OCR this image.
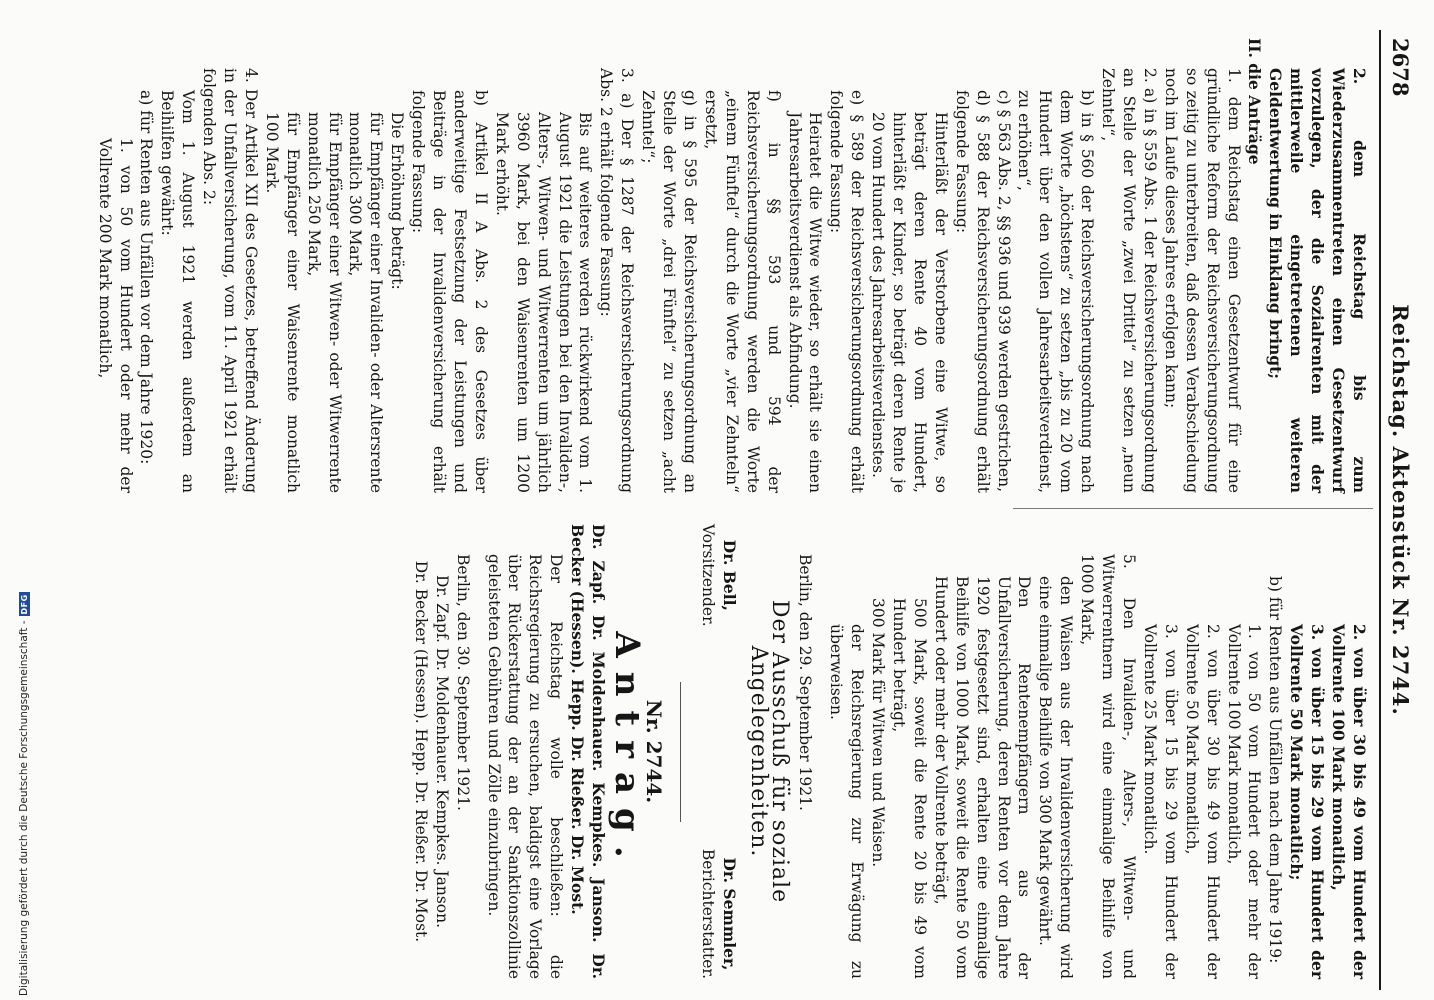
2678
Reichstag. Aktenstück Nr. 2744.

2. dem Reichstag bis zum Wiederzusammentreten einen Gesetzentwurf vorzulegen, der die Sozialrenten mit der mittlerweile eingetretenen weiteren Geldentwertung in Einklang bringt;

II. die Anträge

1. dem Reichstag einen Gesetzentwurf für eine gründliche Reform der Reichsversicherungsordnung so zeitig zu unterbreiten, daß dessen Verabschiedung noch im Laufe dieses Jahres erfolgen kann;

2. a) in § 559 Abs. 1 der Reichsversicherungsordnung an Stelle der Worte „zwei Drittel“ zu setzen „neun Zehntel“,

b) in § 560 der Reichsversicherungsordnung nach dem Worte „höchstens“ zu setzen „bis zu 20 vom Hundert über den vollen Jahresarbeitsverdienst, zu erhöhen“,

c) § 563 Abs. 2, §§ 936 und 939 werden gestrichen,

d) § 588 der Reichsversicherungsordnung erhält folgende Fassung:

Hinterläßt der Verstorbene eine Witwe, so beträgt deren Rente 40 vom Hundert, hinterläßt er Kinder, so beträgt deren Rente je 20 vom Hundert des Jahresarbeitsverdienstes.

e) § 589 der Reichsversicherungsordnung erhält folgende Fassung:

Heiratet die Witwe wieder, so erhält sie einen Jahresarbeitsverdienst als Abfindung.

f) in §§ 593 und 594 der Reichsversicherungsordnung werden die Worte „einem Fünftel“ durch die Worte „vier Zehnteln“ ersetzt,

g) in § 595 der Reichsversicherungsordnung an Stelle der Worte „drei Fünftel“ zu setzen „acht Zehntel“;

3. a) Der § 1287 der Reichsversicherungsordnung Abs. 2 erhält folgende Fassung:

Bis auf weiteres werden rückwirkend vom 1. August 1921 die Leistungen bei den Invaliden-, Alters-, Witwen- und Witwerrenten um jährlich 3960 Mark, bei den Waisenrenten um 1200 Mark erhöht.

b) Artikel II A Abs. 2 des Gesetzes über anderweitige Festsetzung der Leistungen und Beiträge in der Invalidenversicherung erhält folgende Fassung:

Die Erhöhung beträgt:

für Empfänger einer Invaliden- oder Altersrente monatlich 300 Mark,

für Empfänger einer Witwen- oder Witwerrente monatlich 250 Mark,

für Empfänger einer Waisenrente monatlich 100 Mark.

4. Der Artikel XII des Gesetzes, betreffend Änderung in der Unfallversicherung, vom 11. April 1921 erhält folgenden Abs. 2:

Vom 1. August 1921 werden außerdem an Beihilfen gewährt:

a) für Renten aus Unfällen vor dem Jahre 1920:

1. von 50 vom Hundert oder mehr der Vollrente 200 Mark monatlich,

2. von über 30 bis 49 vom Hundert der Vollrente 100 Mark monatlich,

3. von über 15 bis 29 vom Hundert der Vollrente 50 Mark monatlich;

b) für Renten aus Unfällen nach dem Jahre 1919:

1. von 50 vom Hundert oder mehr der Vollrente 100 Mark monatlich,

2. von über 30 bis 49 vom Hundert der Vollrente 50 Mark monatlich,

3. von über 15 bis 29 vom Hundert der Vollrente 25 Mark monatlich.

5. Den Invaliden-, Alters-, Witwen- und Witwerrentnern wird eine einmalige Beihilfe von 1000 Mark,

den Waisen aus der Invalidenversicherung wird eine einmalige Beihilfe von 300 Mark gewährt.

Den Rentenempfängern aus der Unfallversicherung, deren Renten vor dem Jahre 1920 festgesetzt sind, erhalten eine einmalige Beihilfe von 1000 Mark, soweit die Rente 50 vom Hundert oder mehr der Vollrente beträgt,

500 Mark, soweit die Rente 20 bis 49 vom Hundert beträgt,

300 Mark für Witwen und Waisen.

der Reichsregierung zur Erwägung zu überweisen.

Berlin, den 29. September 1921.

Der Ausschuß für soziale Angelegenheiten.
Dr. Bell,
Vorsitzender.
Dr. Semmler,
Berichterstatter.
Nr. 2744.
Antrag.

Dr. Zapf. Dr. Moldenhauer. Kempkes. Janson. Dr. Becker (Hessen). Hepp. Dr. Rießer. Dr. Most.

Der Reichstag wolle beschließen: die Reichsregierung zu ersuchen, baldigst eine Vorlage über Rückerstattung der an der Sanktionszollinie geleisteten Gebühren und Zölle einzubringen.

Berlin, den 30. September 1921.

Dr. Zapf. Dr. Moldenhauer. Kempkes. Janson.

Dr. Becker (Hessen). Hepp. Dr. Rießer. Dr. Most.

Digitalisierung gefördert durch die Deutsche Forschungsgemeinschaft -
DFG
